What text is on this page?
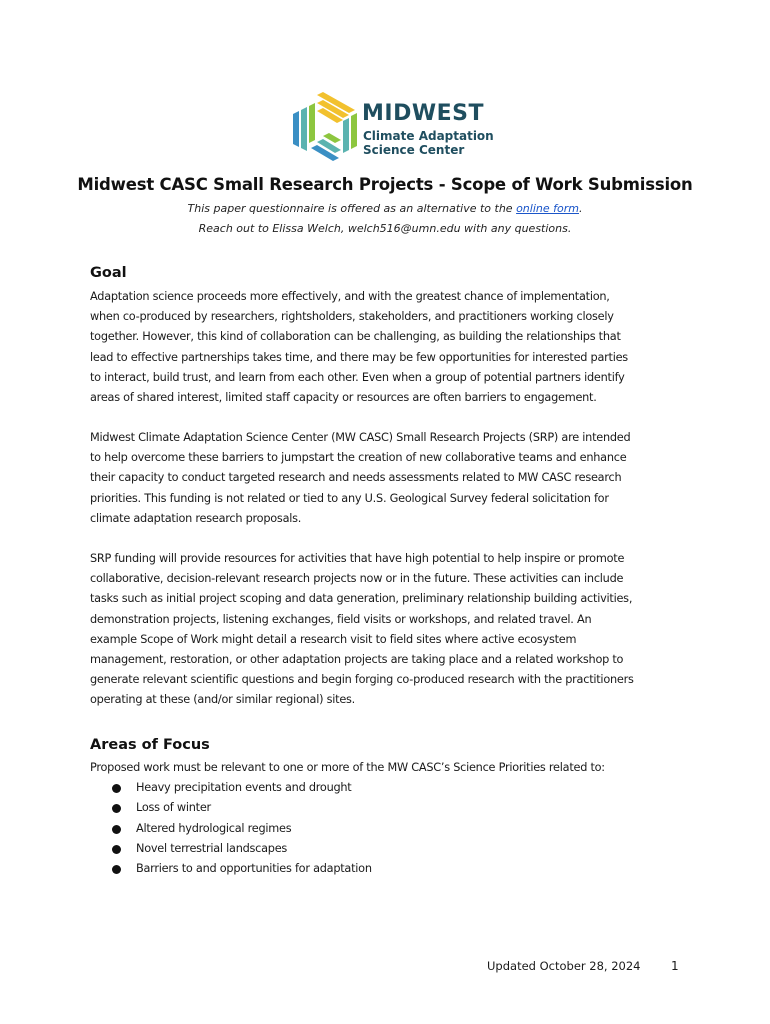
MIDWEST
Climate Adaptation
Science Center
Midwest CASC Small Research Projects - Scope of Work Submission
This paper questionnaire is offered as an alternative to the online form.
Reach out to Elissa Welch, welch516@umn.edu with any questions.
Goal
Adaptation science proceeds more effectively, and with the greatest chance of implementation,
when co-produced by researchers, rightsholders, stakeholders, and practitioners working closely
together. However, this kind of collaboration can be challenging, as building the relationships that
lead to effective partnerships takes time, and there may be few opportunities for interested parties
to interact, build trust, and learn from each other. Even when a group of potential partners identify
areas of shared interest, limited staff capacity or resources are often barriers to engagement.
Midwest Climate Adaptation Science Center (MW CASC) Small Research Projects (SRP) are intended
to help overcome these barriers to jumpstart the creation of new collaborative teams and enhance
their capacity to conduct targeted research and needs assessments related to MW CASC research
priorities. This funding is not related or tied to any U.S. Geological Survey federal solicitation for
climate adaptation research proposals.
SRP funding will provide resources for activities that have high potential to help inspire or promote
collaborative, decision-relevant research projects now or in the future. These activities can include
tasks such as initial project scoping and data generation, preliminary relationship building activities,
demonstration projects, listening exchanges, field visits or workshops, and related travel. An
example Scope of Work might detail a research visit to field sites where active ecosystem
management, restoration, or other adaptation projects are taking place and a related workshop to
generate relevant scientific questions and begin forging co-produced research with the practitioners
operating at these (and/or similar regional) sites.
Areas of Focus
Proposed work must be relevant to one or more of the MW CASC’s Science Priorities related to:
Heavy precipitation events and drought
Loss of winter
Altered hydrological regimes
Novel terrestrial landscapes
Barriers to and opportunities for adaptation
Updated October 28, 2024	1
